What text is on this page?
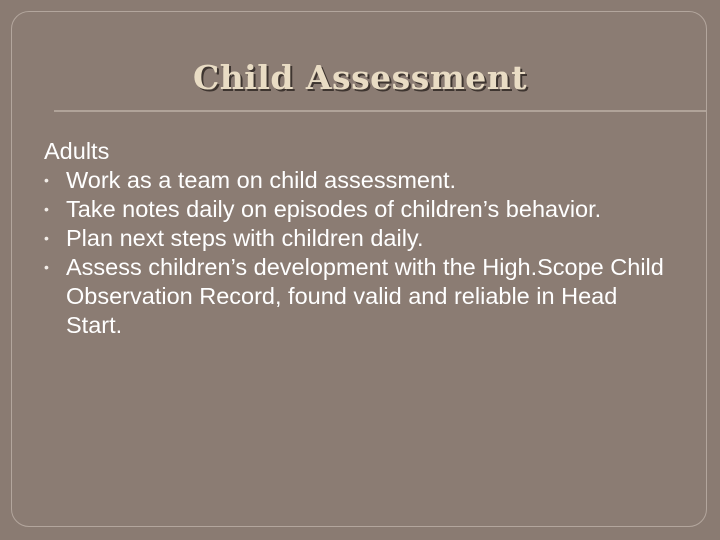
Child Assessment

Adults

• Work as a team on child assessment.
• Take notes daily on episodes of children’s behavior.
• Plan next steps with children daily.
• Assess children’s development with the High.Scope Child Observation Record, found valid and reliable in Head Start.
